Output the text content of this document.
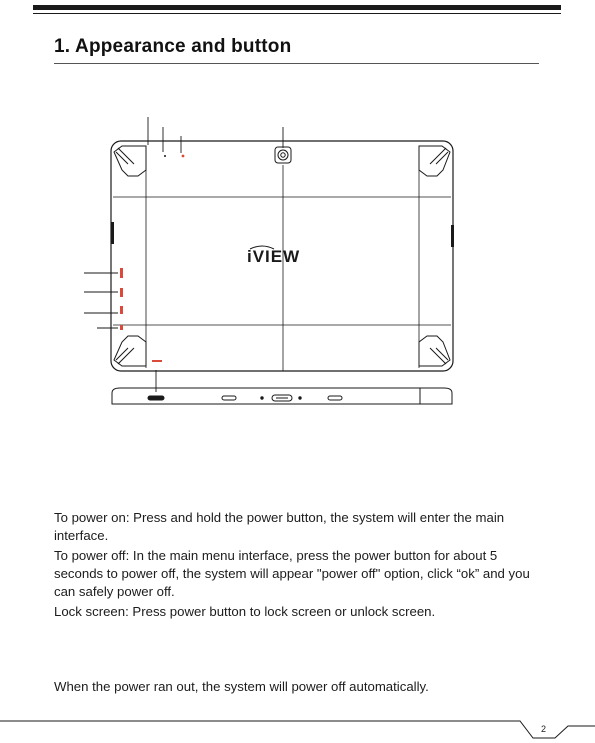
1. Appearance and button
iVIEW

To power on: Press and hold the power button, the system will enter the main interface.

To power off: In the main menu interface, press the power button for about 5 seconds to power off, the system will appear "power off" option, click “ok” and you can safely power off.

Lock screen: Press power button to lock screen or unlock screen.

When the power ran out, the system will power off automatically.

2
